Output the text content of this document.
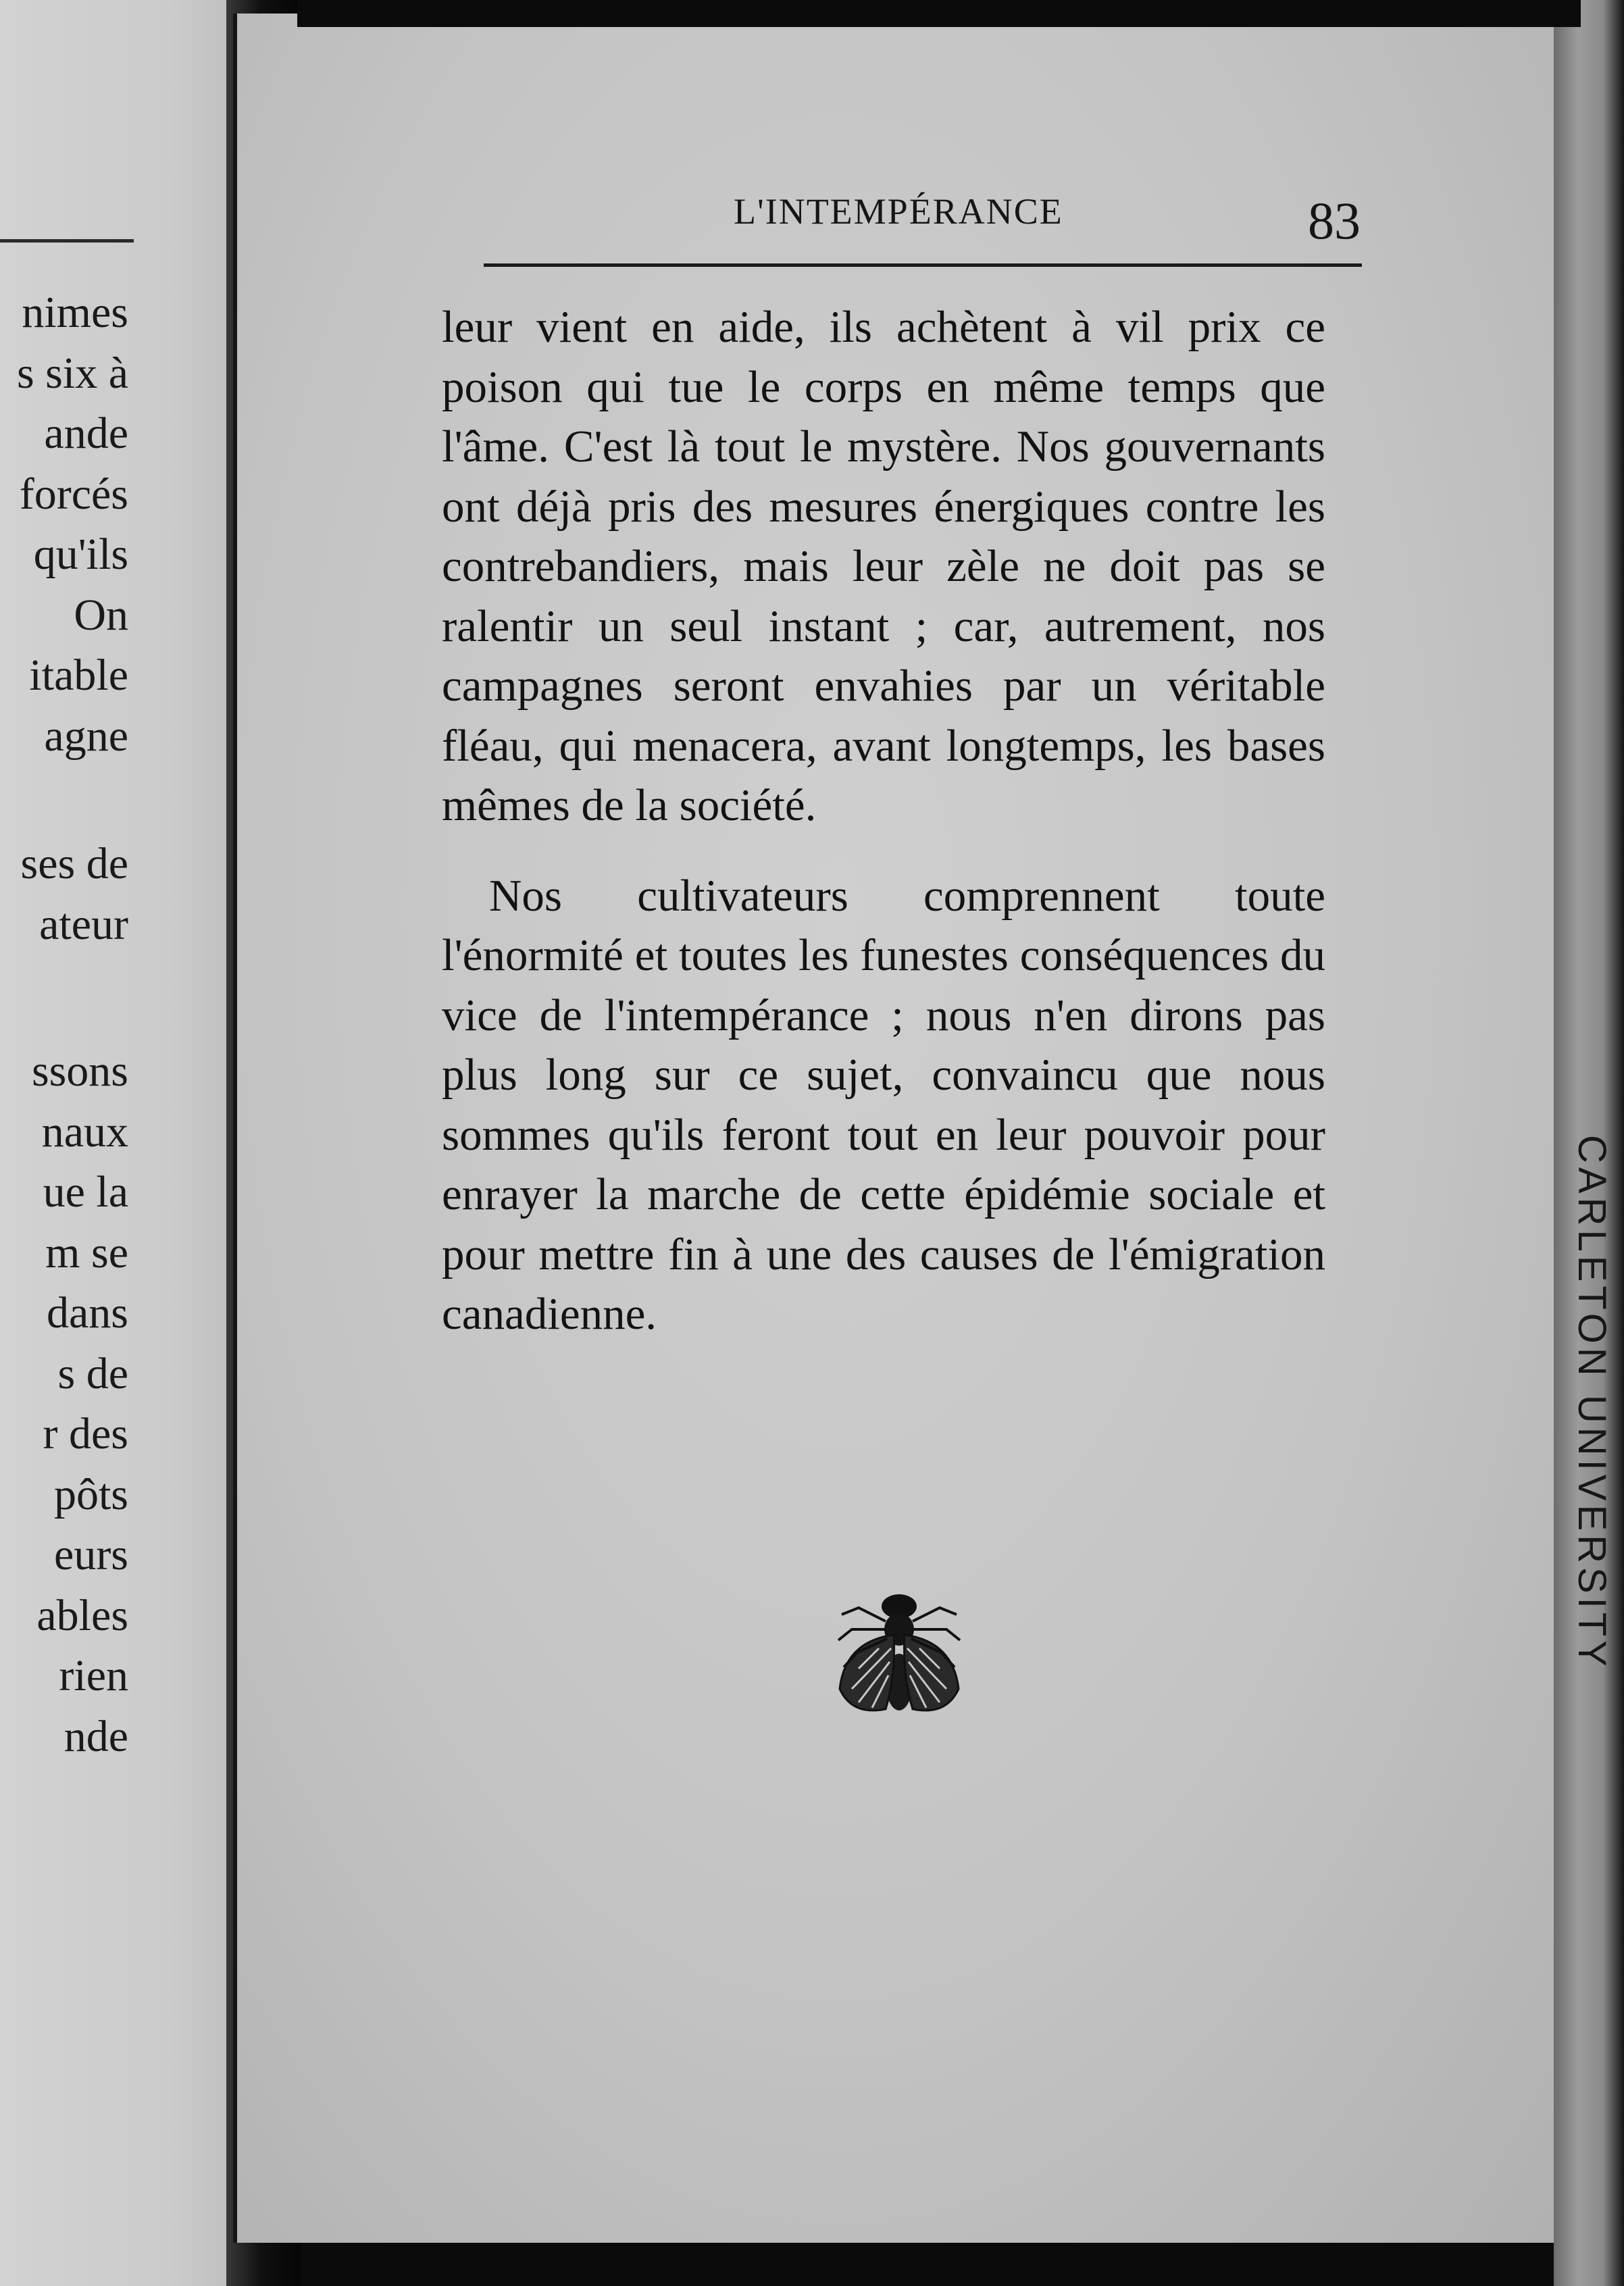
nimes
s six à
ande
forcés
qu'ils
On
itable
agne
ses de
ateur
ssons
naux
ue la
m se
dans
s de
r des
pôts
eurs
ables
rien
nde
L'INTEMPÉRANCE	83

leur vient en aide, ils achètent à vil prix ce poison qui tue le corps en même temps que l'âme. C'est là tout le mystère. Nos gouvernants ont déjà pris des mesures énergiques contre les contrebandiers, mais leur zèle ne doit pas se ralentir un seul instant ; car, autrement, nos campagnes seront envahies par un véritable fléau, qui menacera, avant longtemps, les bases mêmes de la société.

Nos cultivateurs comprennent toute l'énormité et toutes les funestes conséquences du vice de l'intempérance ; nous n'en dirons pas plus long sur ce sujet, convaincu que nous sommes qu'ils feront tout en leur pouvoir pour enrayer la marche de cette épidémie sociale et pour mettre fin à une des causes de l'émigration canadienne.	CARLETON UNIVERSITY
